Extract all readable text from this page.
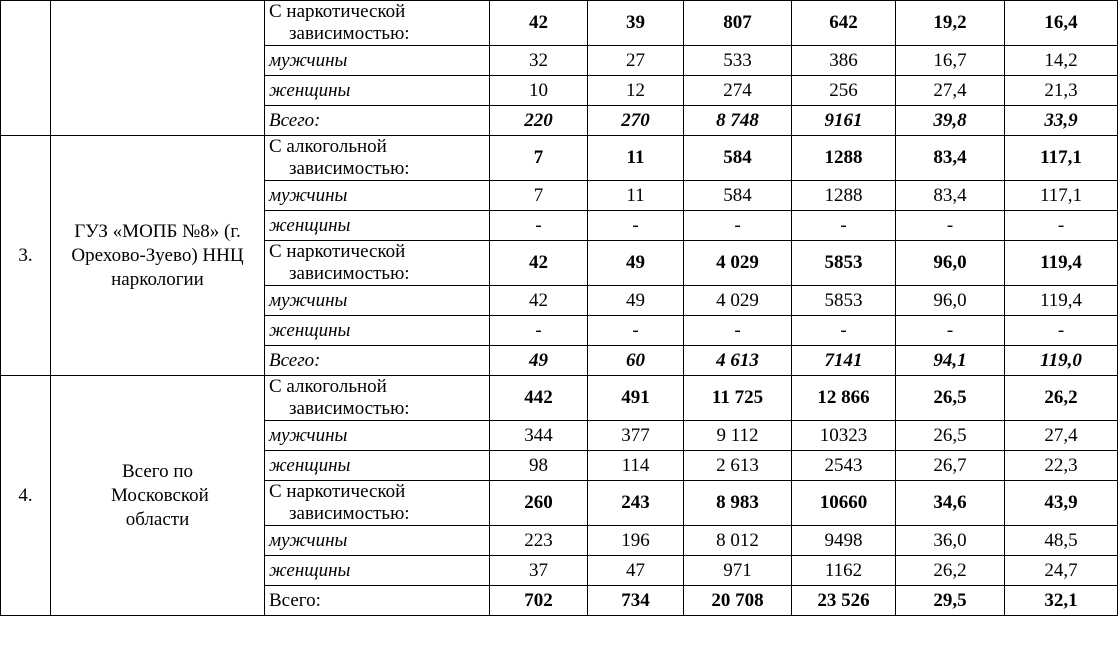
		С наркотической
зависимостью:	42	39	807	642	19,2	16,4
		мужчины	32	27	533	386	16,7	14,2
		женщины	10	12	274	256	27,4	21,3
		Всего:	220	270	8 748	9161	39,8	33,9
3.	ГУЗ «МОПБ №8» (г. Орехово-Зуево) ННЦ наркологии	С алкогольной
зависимостью:	7	11	584	1288	83,4	117,1
		мужчины	7	11	584	1288	83,4	117,1
		женщины	-	-	-	-	-	-

		С наркотической
зависимостью:	42	49	4 029	5853	96,0	119,4
		мужчины	42	49	4 029	5853	96,0	119,4
		женщины	-	-	-	-	-	-
		Всего:	49	60	4 613	7141	94,1	119,0
4.	Всего по Московской области	С алкогольной
зависимостью:	442	491	11 725	12 866	26,5	26,2
		мужчины	344	377	9 112	10323	26,5	27,4
		женщины	98	114	2 613	2543	26,7	22,3

		С наркотической
зависимостью:	260	243	8 983	10660	34,6	43,9
		мужчины	223	196	8 012	9498	36,0	48,5
		женщины	37	47	971	1162	26,2	24,7
		Всего:	702	734	20 708	23 526	29,5	32,1
